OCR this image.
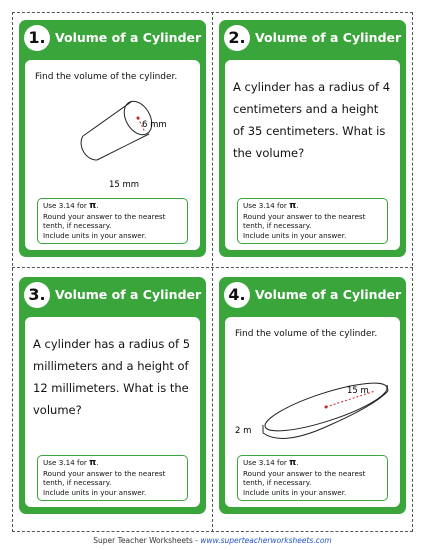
1. Volume of a Cylinder
Find the volume of the cylinder.
6 mm
15 mm
Use 3.14 for π.
Round your answer to the nearest tenth, if necessary.
Include units in your answer.
2. Volume of a Cylinder
A cylinder has a radius of 4 centimeters and a height of 35 centimeters. What is the volume?
Use 3.14 for π.
Round your answer to the nearest tenth, if necessary.
Include units in your answer.
3. Volume of a Cylinder
A cylinder has a radius of 5 millimeters and a height of 12 millimeters. What is the volume?
Use 3.14 for π.
Round your answer to the nearest tenth, if necessary.
Include units in your answer.
4. Volume of a Cylinder
Find the volume of the cylinder.
15 m
2 m
Use 3.14 for π.
Round your answer to the nearest tenth, if necessary.
Include units in your answer.
Super Teacher Worksheets - www.superteacherworksheets.com
